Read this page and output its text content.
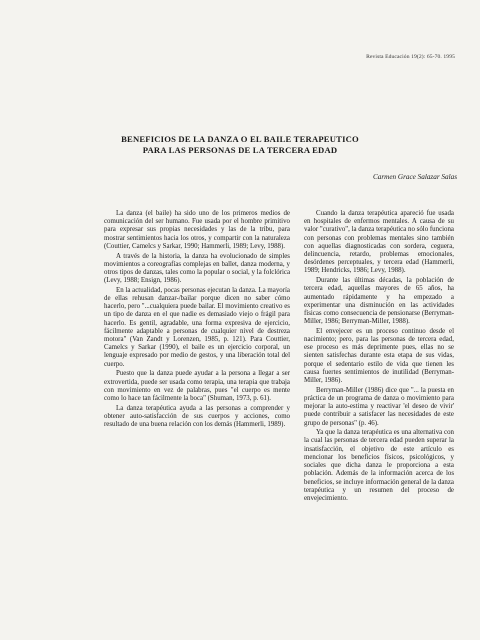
Revista Educación 19(2): 65-70. 1995
BENEFICIOS DE LA DANZA O EL BAILE TERAPEUTICO
PARA LAS PERSONAS DE LA TERCERA EDAD
Carmen Grace Salazar Salas

La danza (el baile) ha sido uno de los primeros medios de comunicación del ser humano. Fue usada por el hombre primitivo para expresar sus propias necesidades y las de la tribu, para mostrar sentimientos hacia los otros, y compartir con la naturaleza (Couttier, Camelcs y Sarkar, 1990; Hammerli, 1989; Levy, 1988).

A través de la historia, la danza ha evolucionado de simples movimientos a coreografías complejas en ballet, danza moderna, y otros tipos de danzas, tales como la popular o social, y la folclórica (Levy, 1988; Ensign, 1986).

En la actualidad, pocas personas ejecutan la danza. La mayoría de ellas rehusan danzar-/bailar porque dicen no saber cómo hacerlo, pero "...cualquiera puede bailar. El movimiento creativo es un tipo de danza en el que nadie es demasiado viejo o frágil para hacerlo. Es gentil, agradable, una forma expresiva de ejercicio, fácilmente adaptable a personas de cualquier nivel de destreza motora" (Van Zandt y Lorenzen, 1985, p. 121). Para Couttier, Camelcs y Sarkar (1990), el baile es un ejercicio corporal, un lenguaje expresado por medio de gestos, y una liberación total del cuerpo.

Puesto que la danza puede ayudar a la persona a llegar a ser extrovertida, puede ser usada como terapia, una terapia que trabaja con movimiento en vez de palabras, pues "el cuerpo es mente como lo hace tan fácilmente la boca" (Shuman, 1973, p. 61).

La danza terapéutica ayuda a las personas a comprender y obtener auto-satisfacción de sus cuerpos y acciones, como resultado de una buena relación con los demás (Hammerli, 1989).

Cuando la danza terapéutica apareció fue usada en hospitales de enfermos mentales. A causa de su valor "curativo", la danza terapéutica no sólo funciona con personas con problemas mentales sino también con aquellas diagnosticadas con sordera, ceguera, delincuencia, retardo, problemas emocionales, desórdenes perceptuales, y tercera edad (Hammerli, 1989; Hendricks, 1986; Levy, 1988).

Durante las últimas décadas, la población de tercera edad, aquellas mayores de 65 años, ha aumentado rápidamente y ha empezado a experimentar una disminución en las actividades físicas como consecuencia de pensionarse (Berryman-Miller, 1986; Berryman-Miller, 1988).

El envejecer es un proceso continuo desde el nacimiento; pero, para las personas de tercera edad, ese proceso es más deprimente pues, ellas no se sienten satisfechas durante esta etapa de sus vidas, porque el sedentario estilo de vida que tienen les causa fuertes sentimientos de inutilidad (Berryman-Miller, 1986).

Berryman-Miller (1986) dice que "... la puesta en práctica de un programa de danza o movimiento para mejorar la auto-estima y reactivar 'el deseo de vivir' puede contribuir a satisfacer las necesidades de este grupo de personas" (p. 46).

Ya que la danza terapéutica es una alternativa con la cual las personas de tercera edad pueden superar la insatisfacción, el objetivo de este artículo es mencionar los beneficios físicos, psicológicos, y sociales que dicha danza le proporciona a esta población. Además de la información acerca de los beneficios, se incluye información general de la danza terapéutica y un resumen del proceso de envejecimiento.
